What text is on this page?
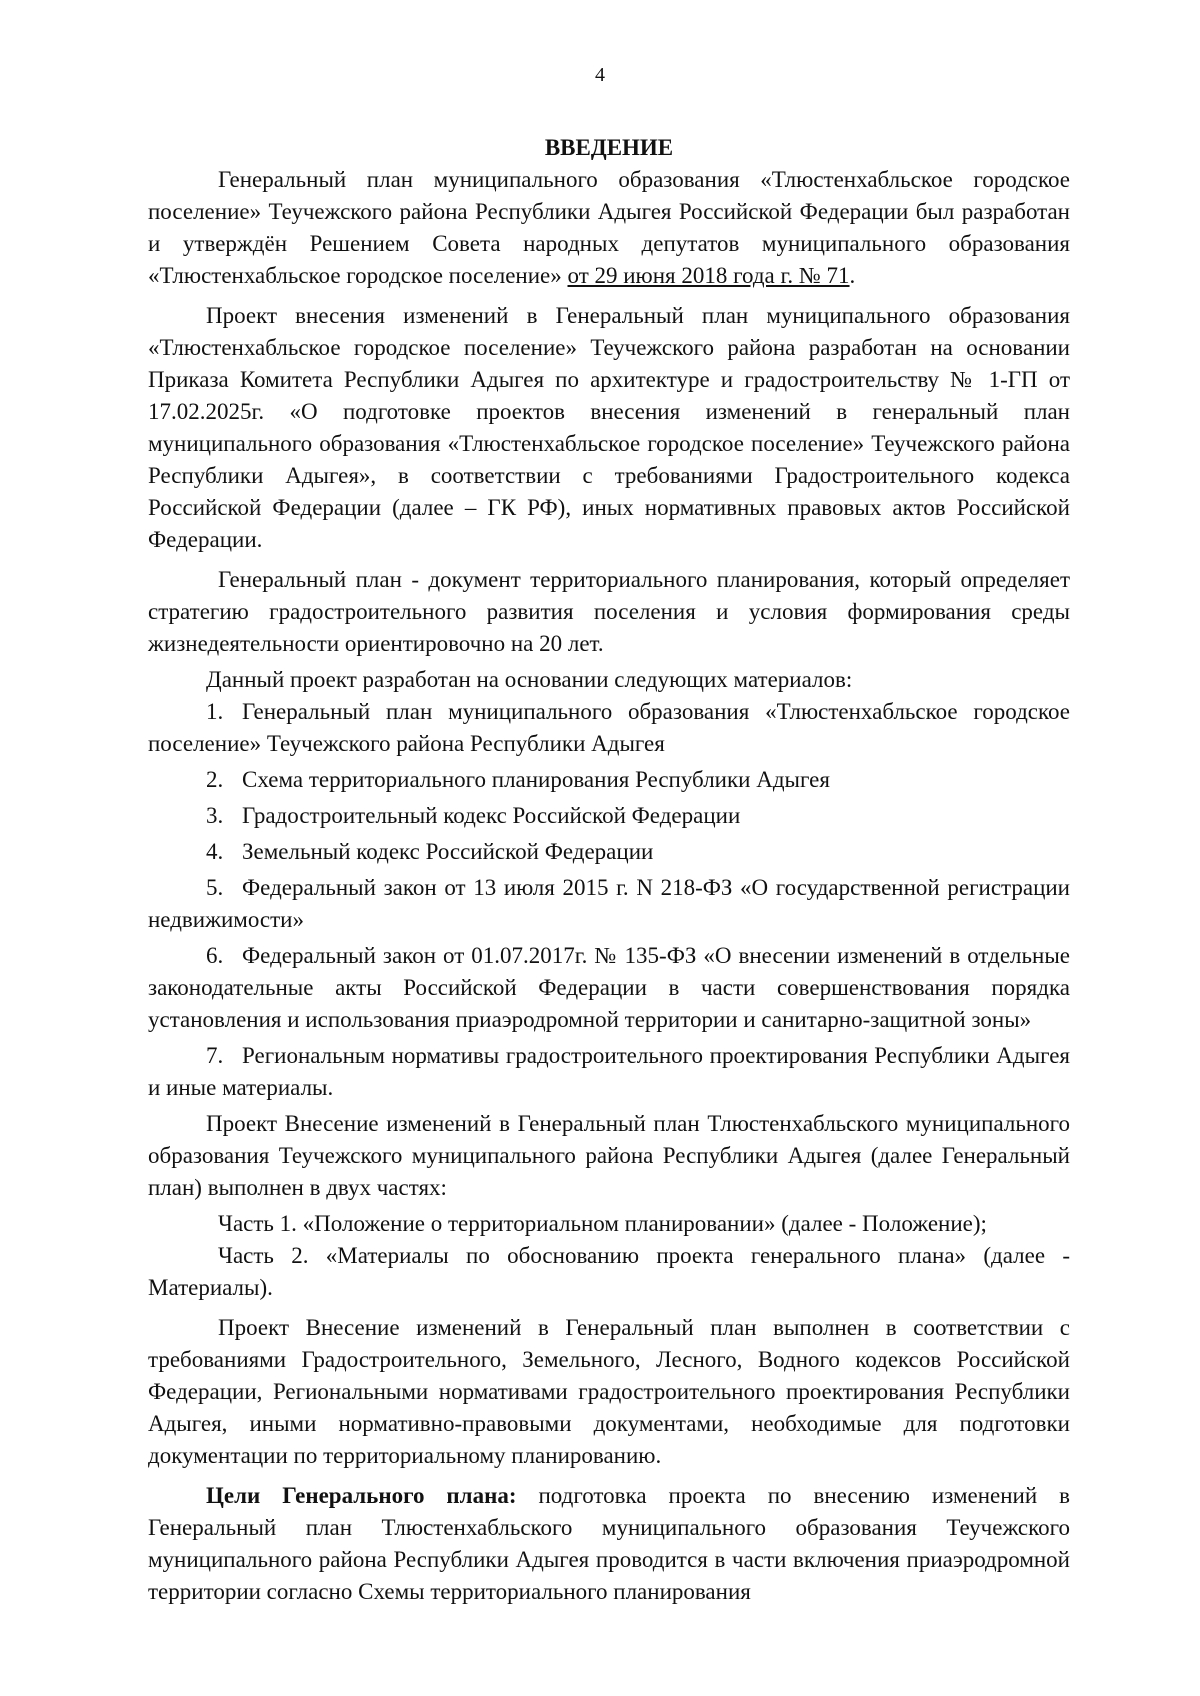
4
ВВЕДЕНИЕ

Генеральный план муниципального образования «Тлюстенхабльское городское поселение» Теучежского района Республики Адыгея Российской Федерации был разработан и утверждён Решением Совета народных депутатов муниципального образования «Тлюстенхабльское городское поселение» от 29 июня 2018 года г. № 71.

Проект внесения изменений в Генеральный план муниципального образования «Тлюстенхабльское городское поселение» Теучежского района разработан на основании Приказа Комитета Республики Адыгея по архитектуре и градостроительству № 1-ГП от 17.02.2025г. «О подготовке проектов внесения изменений в генеральный план муниципального образования «Тлюстенхабльское городское поселение» Теучежского района Республики Адыгея», в соответствии с требованиями Градостроительного кодекса Российской Федерации (далее – ГК РФ), иных нормативных правовых актов Российской Федерации.

Генеральный план - документ территориального планирования, который определяет стратегию градостроительного развития поселения и условия формирования среды жизнедеятельности ориентировочно на 20 лет.

Данный проект разработан на основании следующих материалов:

1. Генеральный план муниципального образования «Тлюстенхабльское городское поселение» Теучежского района Республики Адыгея

2. Схема территориального планирования Республики Адыгея

3. Градостроительный кодекс Российской Федерации

4. Земельный кодекс Российской Федерации

5. Федеральный закон от 13 июля 2015 г. N 218-ФЗ «О государственной регистрации недвижимости»

6. Федеральный закон от 01.07.2017г. № 135-ФЗ «О внесении изменений в отдельные законодательные акты Российской Федерации в части совершенствования порядка установления и использования приаэродромной территории и санитарно-защитной зоны»

7. Региональным нормативы градостроительного проектирования Республики Адыгея и иные материалы.

Проект Внесение изменений в Генеральный план Тлюстенхабльского муниципального образования Теучежского муниципального района Республики Адыгея (далее Генеральный план) выполнен в двух частях:

Часть 1. «Положение о территориальном планировании» (далее - Положение);

Часть 2. «Материалы по обоснованию проекта генерального плана» (далее - Материалы).

Проект Внесение изменений в Генеральный план выполнен в соответствии с требованиями Градостроительного, Земельного, Лесного, Водного кодексов Российской Федерации, Региональными нормативами градостроительного проектирования Республики Адыгея, иными нормативно-правовыми документами, необходимые для подготовки документации по территориальному планированию.

Цели Генерального плана: подготовка проекта по внесению изменений в Генеральный план Тлюстенхабльского муниципального образования Теучежского муниципального района Республики Адыгея проводится в части включения приаэродромной территории согласно Схемы территориального планирования
